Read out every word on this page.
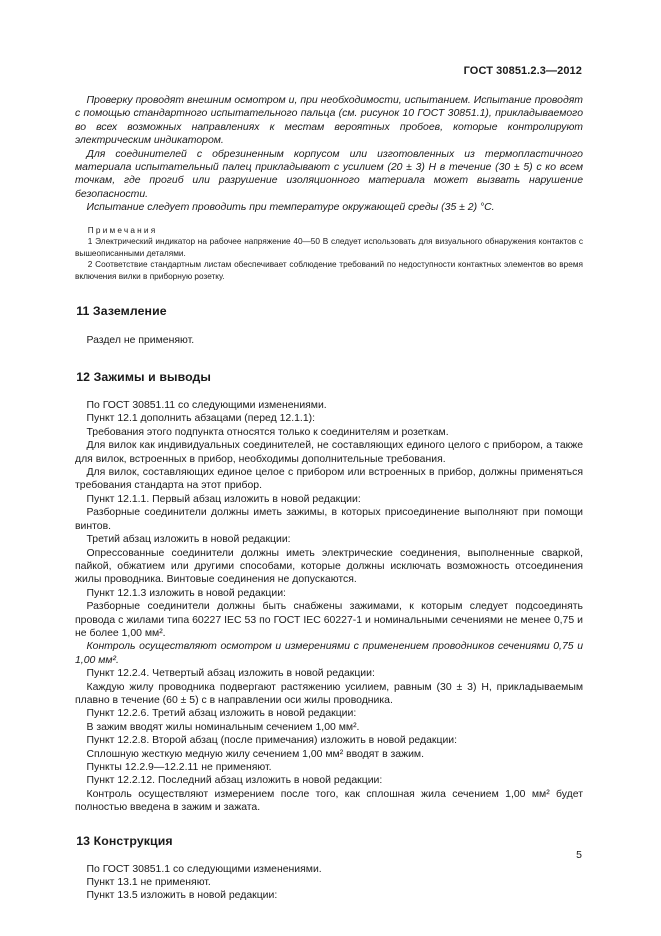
ГОСТ 30851.2.3—2012

Проверку проводят внешним осмотром и, при необходимости, испытанием. Испытание проводят с помощью стандартного испытательного пальца (см. рисунок 10 ГОСТ 30851.1), прикладываемого во всех возможных направлениях к местам вероятных пробоев, которые контролируют электрическим индикатором.

Для соединителей с обрезиненным корпусом или изготовленных из термопластичного материала испытательный палец прикладывают с усилием (20 ± 3) Н в течение (30 ± 5) с ко всем точкам, где прогиб или разрушение изоляционного материала может вызвать нарушение безопасности.

Испытание следует проводить при температуре окружающей среды (35 ± 2) °С.

Примечания

1 Электрический индикатор на рабочее напряжение 40—50 В следует использовать для визуального обнаружения контактов с вышеописанными деталями.

2 Соответствие стандартным листам обеспечивает соблюдение требований по недоступности контактных элементов во время включения вилки в приборную розетку.

11 Заземление

Раздел не применяют.

12 Зажимы и выводы

По ГОСТ 30851.11 со следующими изменениями.

Пункт 12.1 дополнить абзацами (перед 12.1.1):

Требования этого подпункта относятся только к соединителям и розеткам.

Для вилок как индивидуальных соединителей, не составляющих единого целого с прибором, а также для вилок, встроенных в прибор, необходимы дополнительные требования.

Для вилок, составляющих единое целое с прибором или встроенных в прибор, должны применяться требования стандарта на этот прибор.

Пункт 12.1.1. Первый абзац изложить в новой редакции:

Разборные соединители должны иметь зажимы, в которых присоединение выполняют при помощи винтов.

Третий абзац изложить в новой редакции:

Опрессованные соединители должны иметь электрические соединения, выполненные сваркой, пайкой, обжатием или другими способами, которые должны исключать возможность отсоединения жилы проводника. Винтовые соединения не допускаются.

Пункт 12.1.3 изложить в новой редакции:

Разборные соединители должны быть снабжены зажимами, к которым следует подсоединять провода с жилами типа 60227 IEC 53 по ГОСТ IEC 60227-1 и номинальными сечениями не менее 0,75 и не более 1,00 мм².

Контроль осуществляют осмотром и измерениями с применением проводников сечениями 0,75 и 1,00 мм².

Пункт 12.2.4. Четвертый абзац изложить в новой редакции:

Каждую жилу проводника подвергают растяжению усилием, равным (30 ± 3) Н, прикладываемым плавно в течение (60 ± 5) с в направлении оси жилы проводника.

Пункт 12.2.6. Третий абзац изложить в новой редакции:

В зажим вводят жилы номинальным сечением 1,00 мм².

Пункт 12.2.8. Второй абзац (после примечания) изложить в новой редакции:

Сплошную жесткую медную жилу сечением 1,00 мм² вводят в зажим.

Пункты 12.2.9—12.2.11 не применяют.

Пункт 12.2.12. Последний абзац изложить в новой редакции:

Контроль осуществляют измерением после того, как сплошная жила сечением 1,00 мм² будет полностью введена в зажим и зажата.

13 Конструкция

По ГОСТ 30851.1 со следующими изменениями.

Пункт 13.1 не применяют.

Пункт 13.5 изложить в новой редакции:

5
